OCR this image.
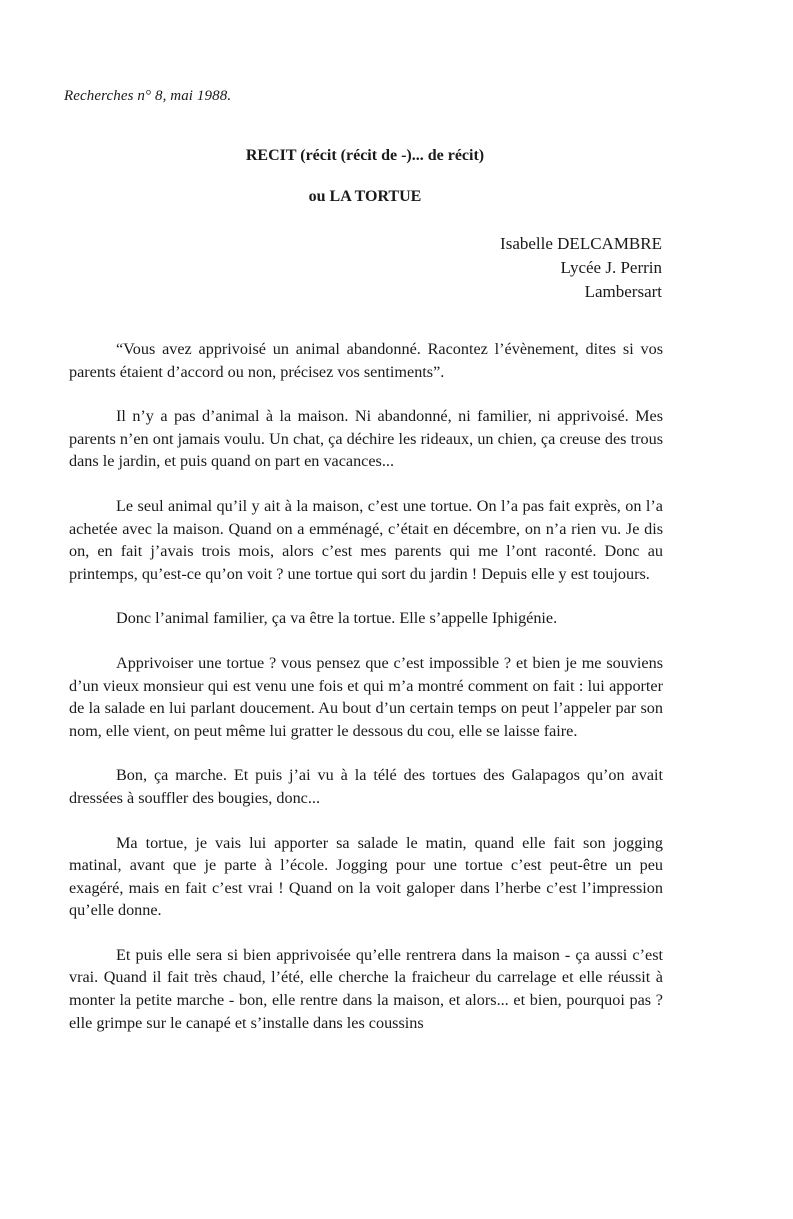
Recherches n° 8, mai 1988.
RECIT (récit (récit de -)... de récit)
ou LA TORTUE
Isabelle DELCAMBRE
Lycée J. Perrin
Lambersart

“Vous avez apprivoisé un animal abandonné. Racontez l’évènement, dites si vos parents étaient d’accord ou non, précisez vos sentiments”.

Il n’y a pas d’animal à la maison. Ni abandonné, ni familier, ni apprivoisé. Mes parents n’en ont jamais voulu. Un chat, ça déchire les rideaux, un chien, ça creuse des trous dans le jardin, et puis quand on part en vacances...

Le seul animal qu’il y ait à la maison, c’est une tortue. On l’a pas fait exprès, on l’a achetée avec la maison. Quand on a emménagé, c’était en décembre, on n’a rien vu. Je dis on, en fait j’avais trois mois, alors c’est mes parents qui me l’ont raconté. Donc au printemps, qu’est-ce qu’on voit ? une tortue qui sort du jardin ! Depuis elle y est toujours.

Donc l’animal familier, ça va être la tortue. Elle s’appelle Iphigénie.

Apprivoiser une tortue ? vous pensez que c’est impossible ? et bien je me souviens d’un vieux monsieur qui est venu une fois et qui m’a montré comment on fait : lui apporter de la salade en lui parlant doucement. Au bout d’un certain temps on peut l’appeler par son nom, elle vient, on peut même lui gratter le dessous du cou, elle se laisse faire.

Bon, ça marche. Et puis j’ai vu à la télé des tortues des Galapagos qu’on avait dressées à souffler des bougies, donc...

Ma tortue, je vais lui apporter sa salade le matin, quand elle fait son jogging matinal, avant que je parte à l’école. Jogging pour une tortue c’est peut-être un peu exagéré, mais en fait c’est vrai ! Quand on la voit galoper dans l’herbe c’est l’impression qu’elle donne.

Et puis elle sera si bien apprivoisée qu’elle rentrera dans la maison - ça aussi c’est vrai. Quand il fait très chaud, l’été, elle cherche la fraicheur du carrelage et elle réussit à monter la petite marche - bon, elle rentre dans la maison, et alors... et bien, pourquoi pas ? elle grimpe sur le canapé et s’installe dans les coussins
